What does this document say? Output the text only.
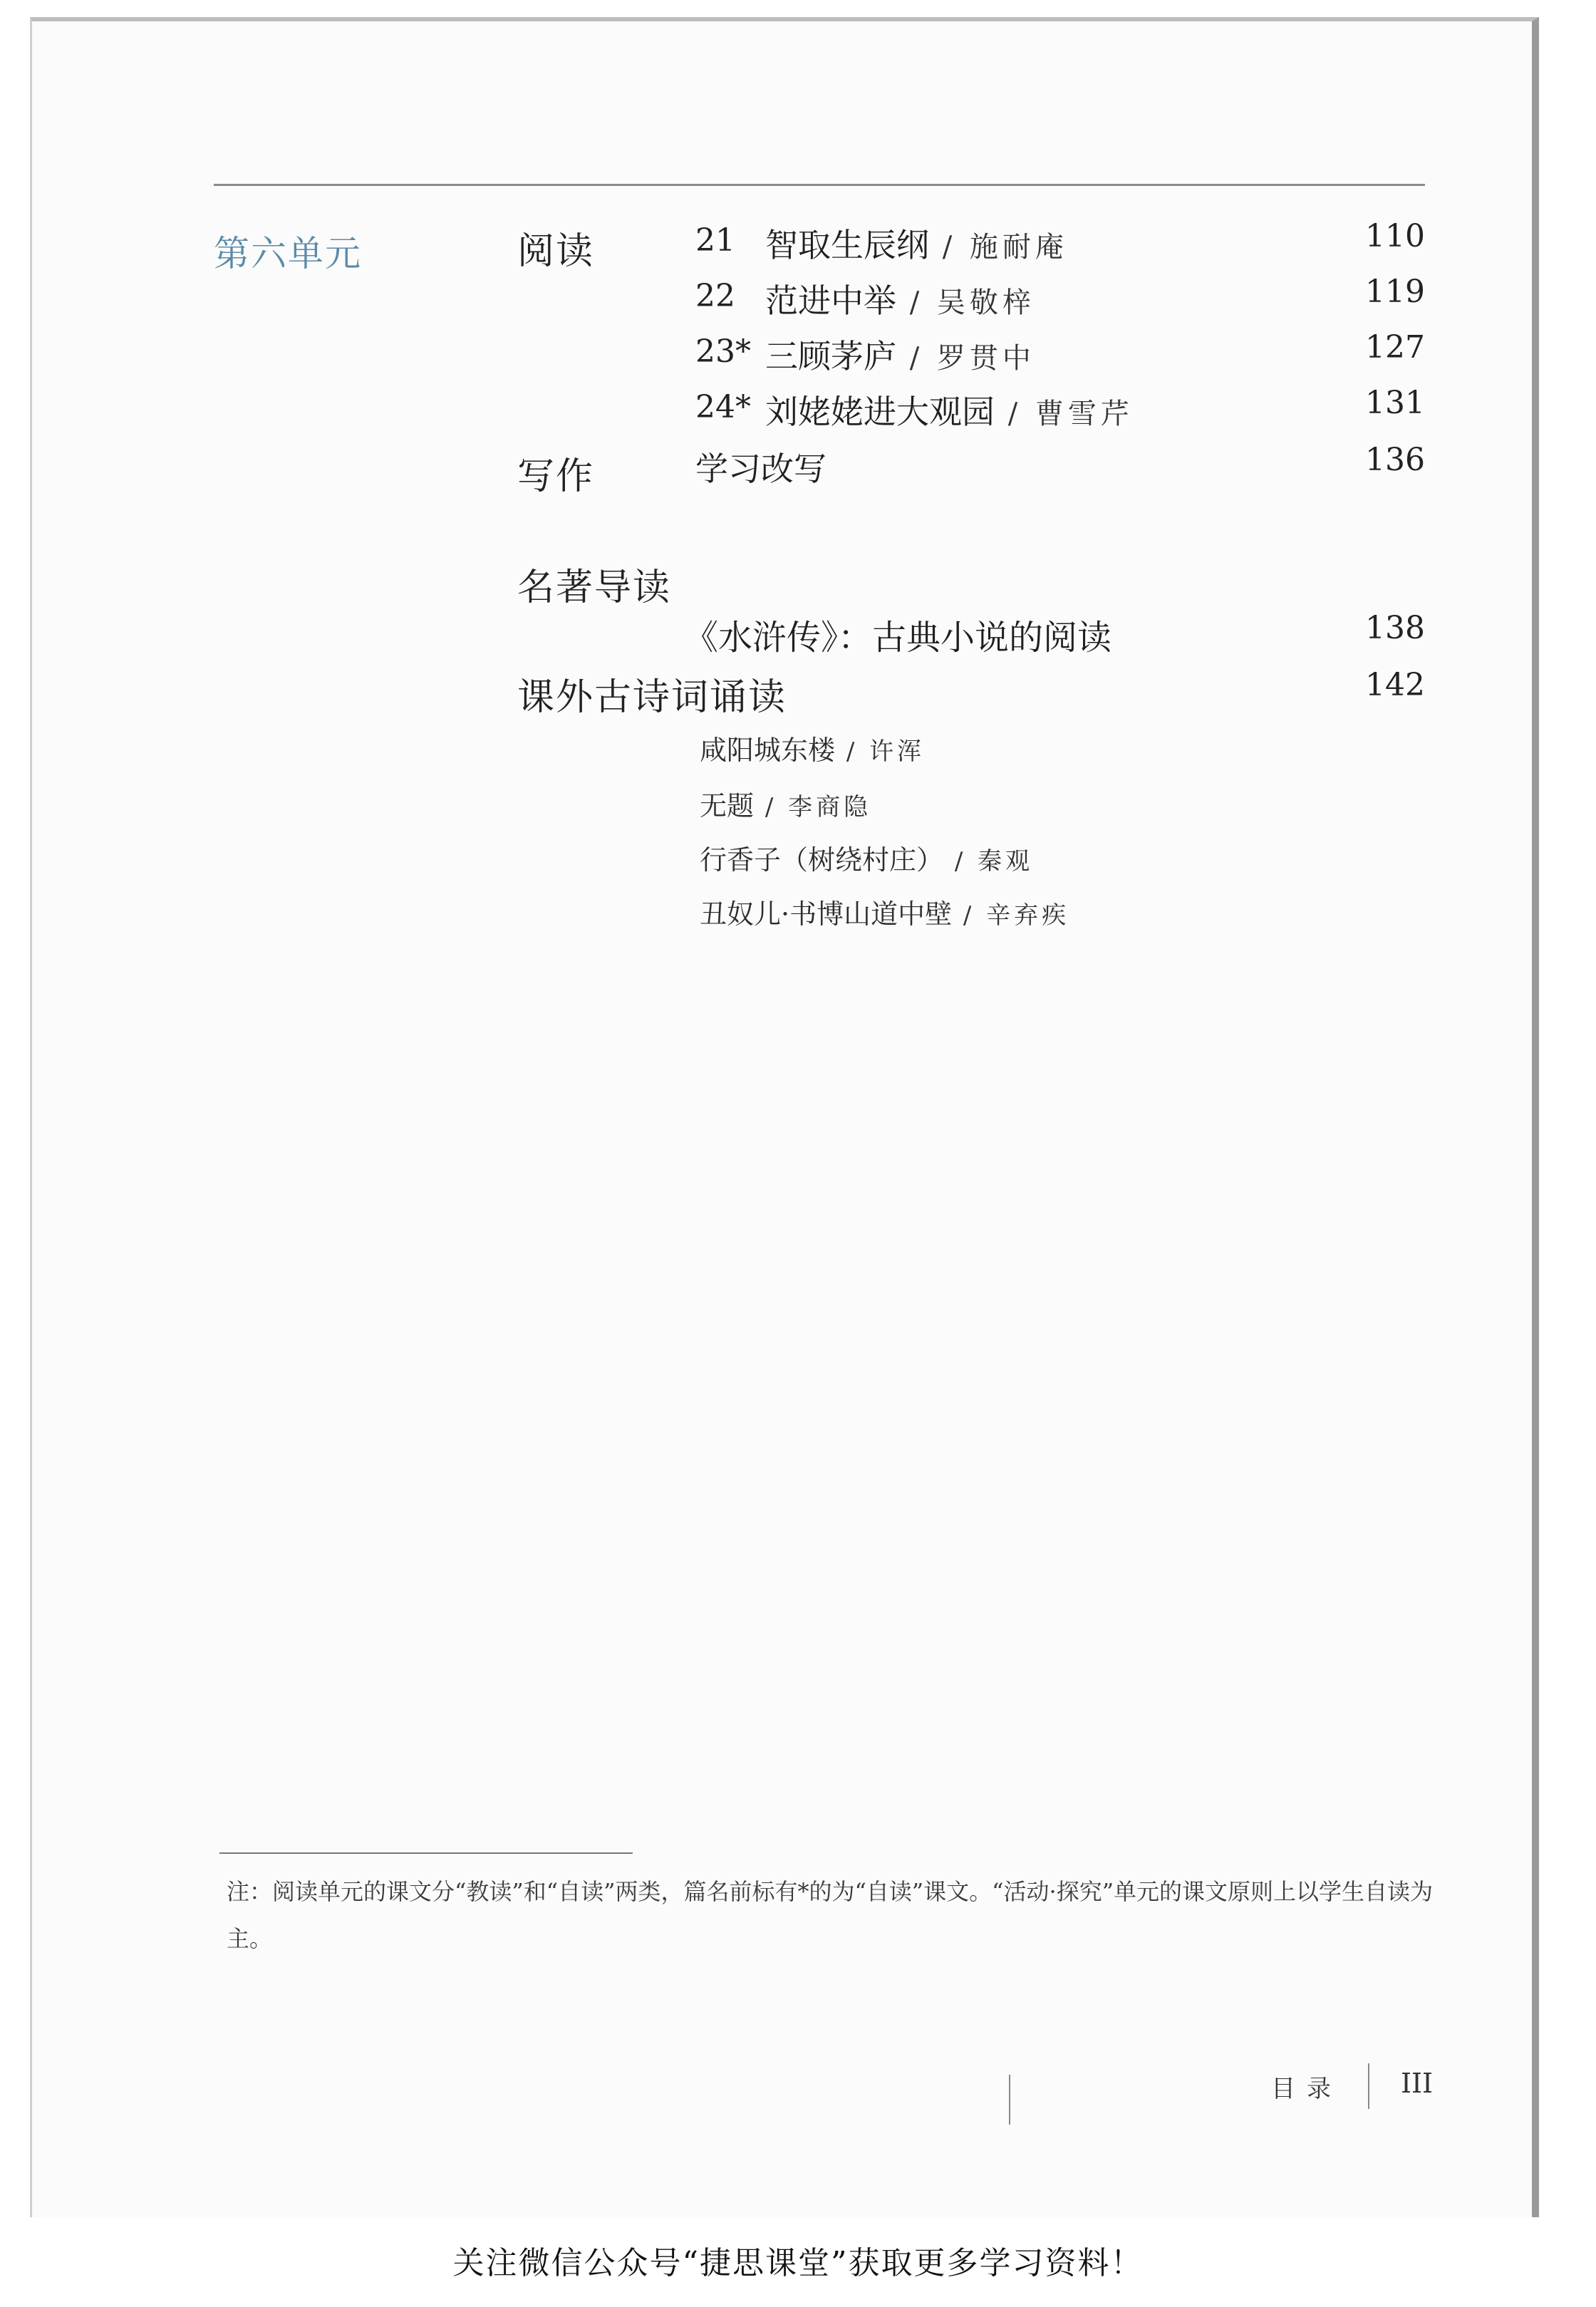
第六单元	阅读	21 智取生辰纲 / 施耐庵	110
22 范进中举 / 吴敬梓	119
23* 三顾茅庐 / 罗贯中	127
24* 刘姥姥进大观园 / 曹雪芹	131
写作	学习改写	136
名著导读
《水浒传》：古典小说的阅读	138
课外古诗词诵读	142
咸阳城东楼 / 许浑
无题 / 李商隐
行香子（树绕村庄） / 秦观
丑奴儿·书博山道中壁 / 辛弃疾
注：阅读单元的课文分“教读”和“自读”两类，篇名前标有*的为“自读”课文。“活动·探究”单元的课文原则上以学生自读为主。
目录 III
关注微信公众号“捷思课堂”获取更多学习资料！
